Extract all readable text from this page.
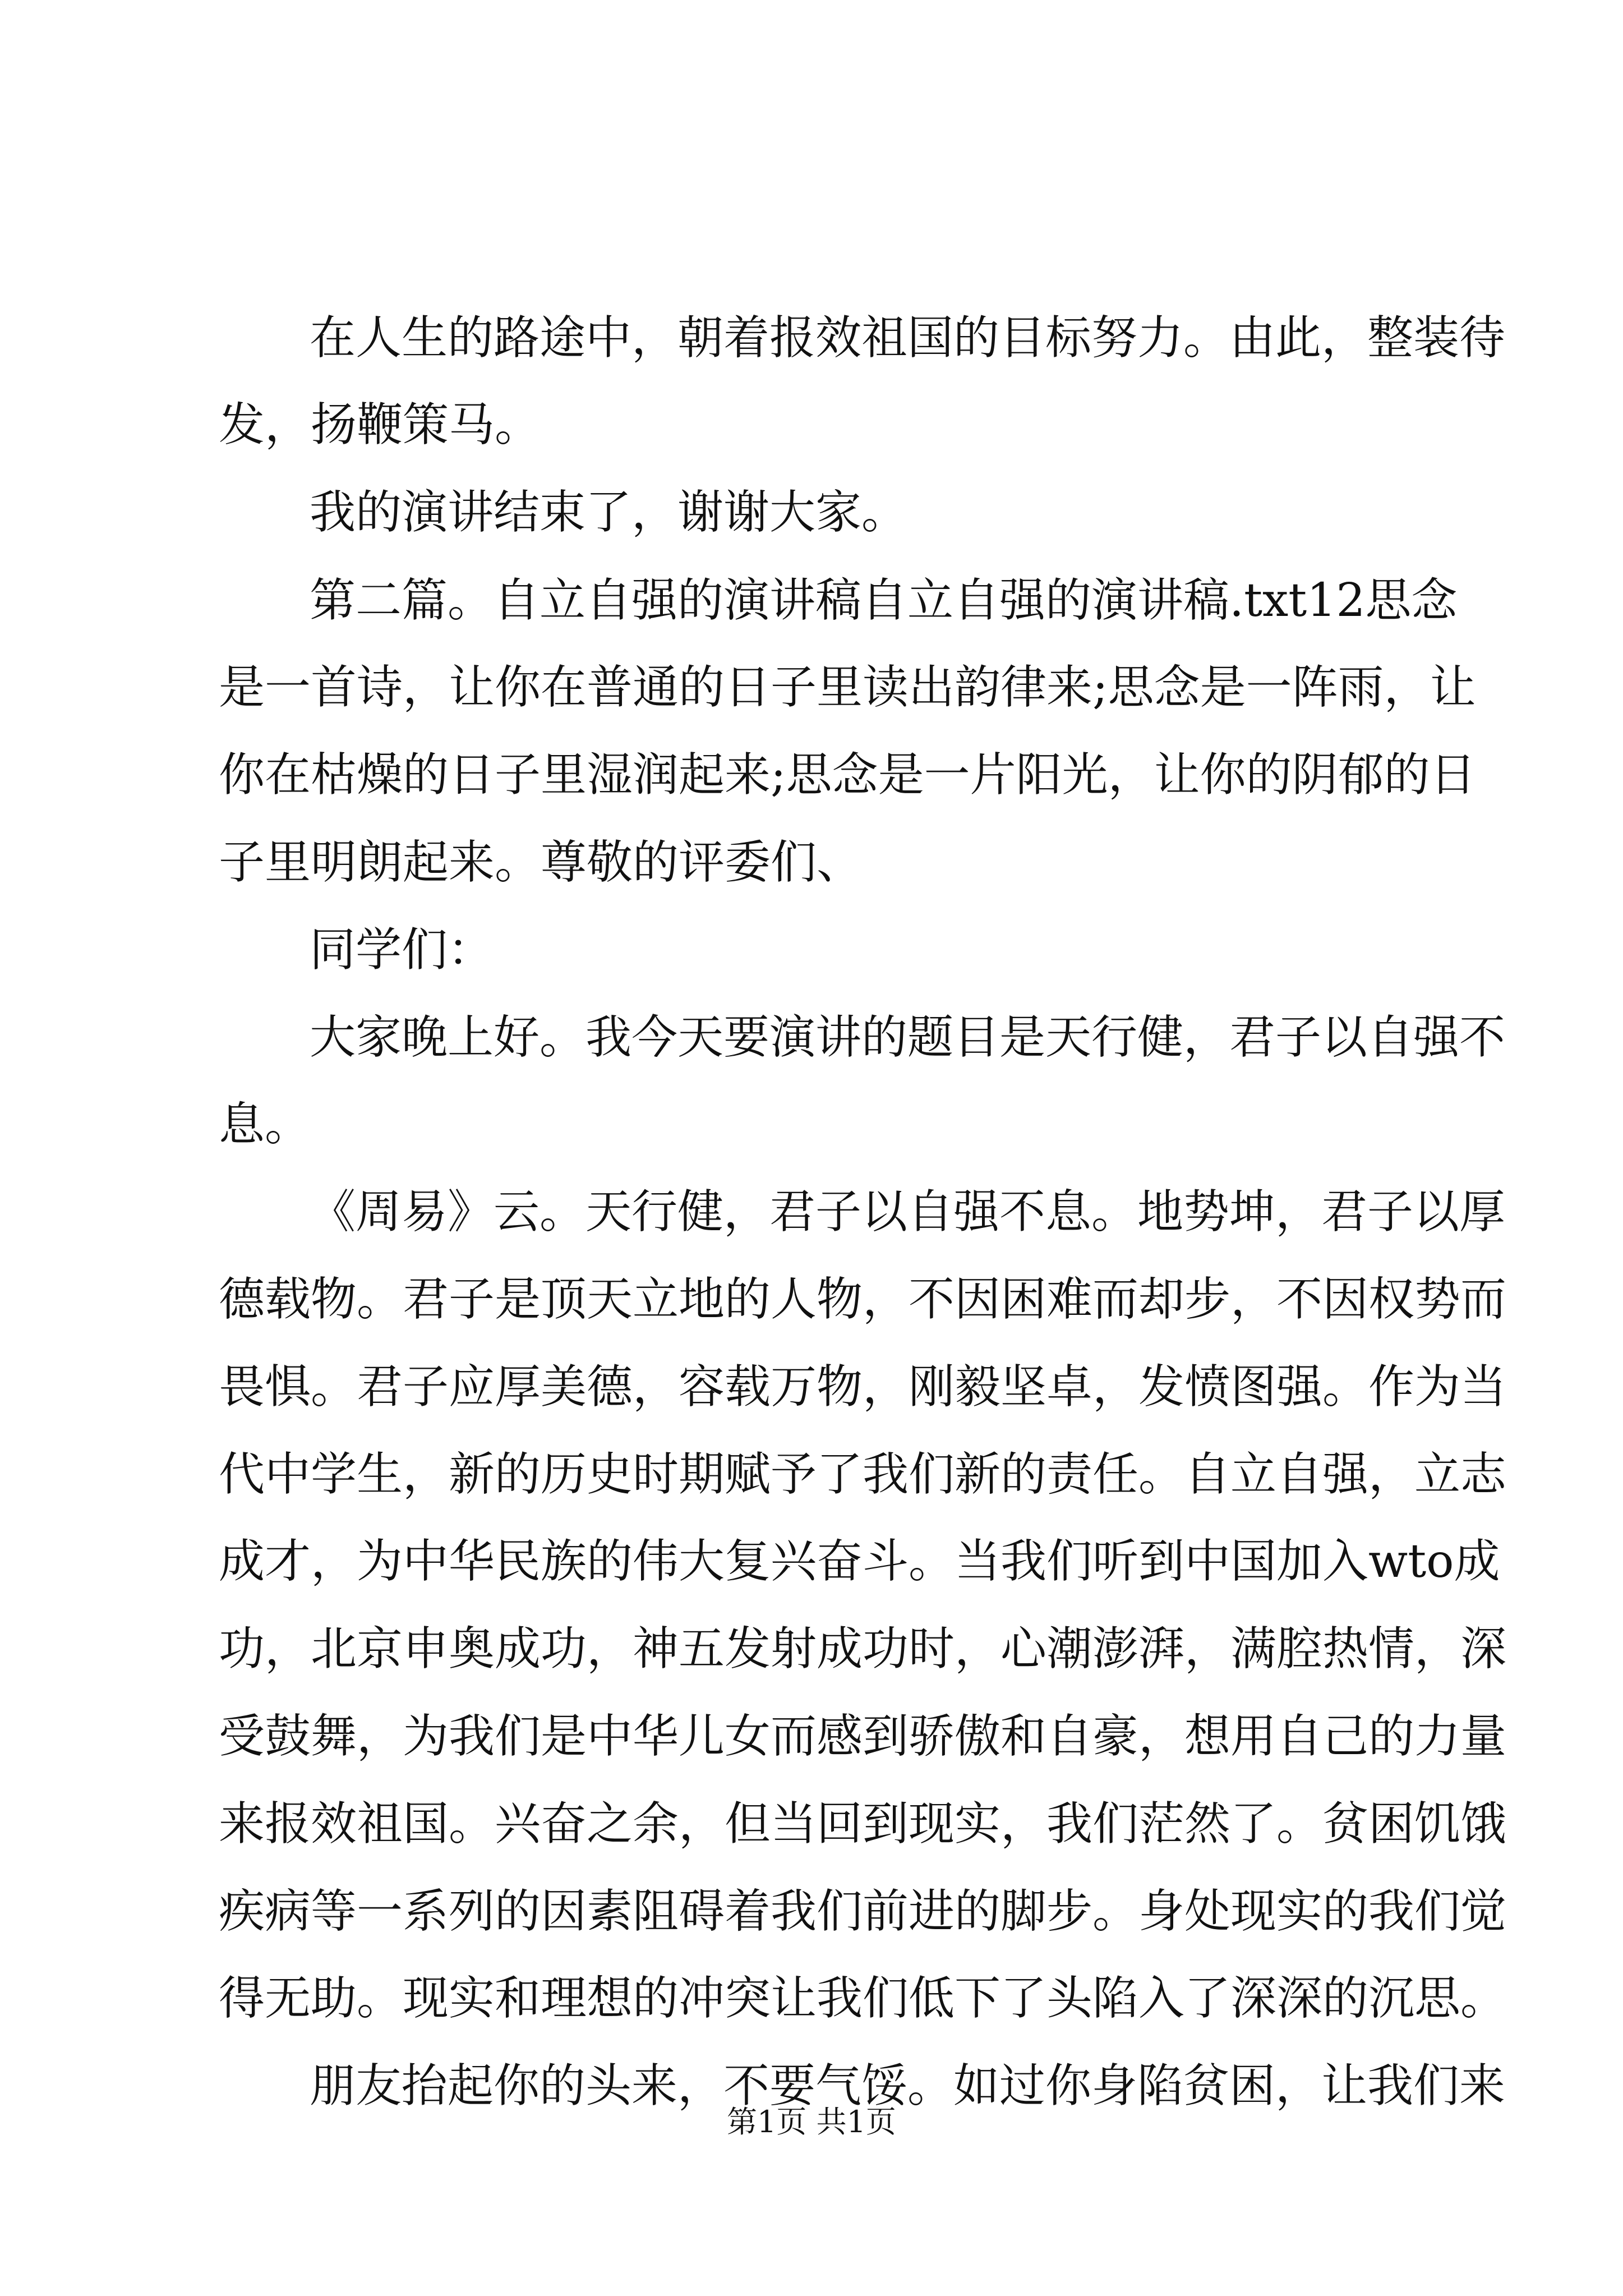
在人生的路途中，朝着报效祖国的目标努力。由此，整装待
发，扬鞭策马。
我的演讲结束了，谢谢大家。
第二篇。自立自强的演讲稿自立自强的演讲稿.txt12思念
是一首诗，让你在普通的日子里读出韵律来;思念是一阵雨，让
你在枯燥的日子里湿润起来;思念是一片阳光，让你的阴郁的日
子里明朗起来。尊敬的评委们、
同学们：
大家晚上好。我今天要演讲的题目是天行健，君子以自强不
息。
《周易》云。天行健，君子以自强不息。地势坤，君子以厚
德载物。君子是顶天立地的人物，不因困难而却步，不因权势而
畏惧。君子应厚美德，容载万物，刚毅坚卓，发愤图强。作为当
代中学生，新的历史时期赋予了我们新的责任。自立自强，立志
成才，为中华民族的伟大复兴奋斗。当我们听到中国加入wto成
功，北京申奥成功，神五发射成功时，心潮澎湃，满腔热情，深
受鼓舞，为我们是中华儿女而感到骄傲和自豪，想用自己的力量
来报效祖国。兴奋之余，但当回到现实，我们茫然了。贫困饥饿
疾病等一系列的因素阻碍着我们前进的脚步。身处现实的我们觉
得无助。现实和理想的冲突让我们低下了头陷入了深深的沉思。
朋友抬起你的头来，不要气馁。如过你身陷贫困，让我们来
第1页 共1页
